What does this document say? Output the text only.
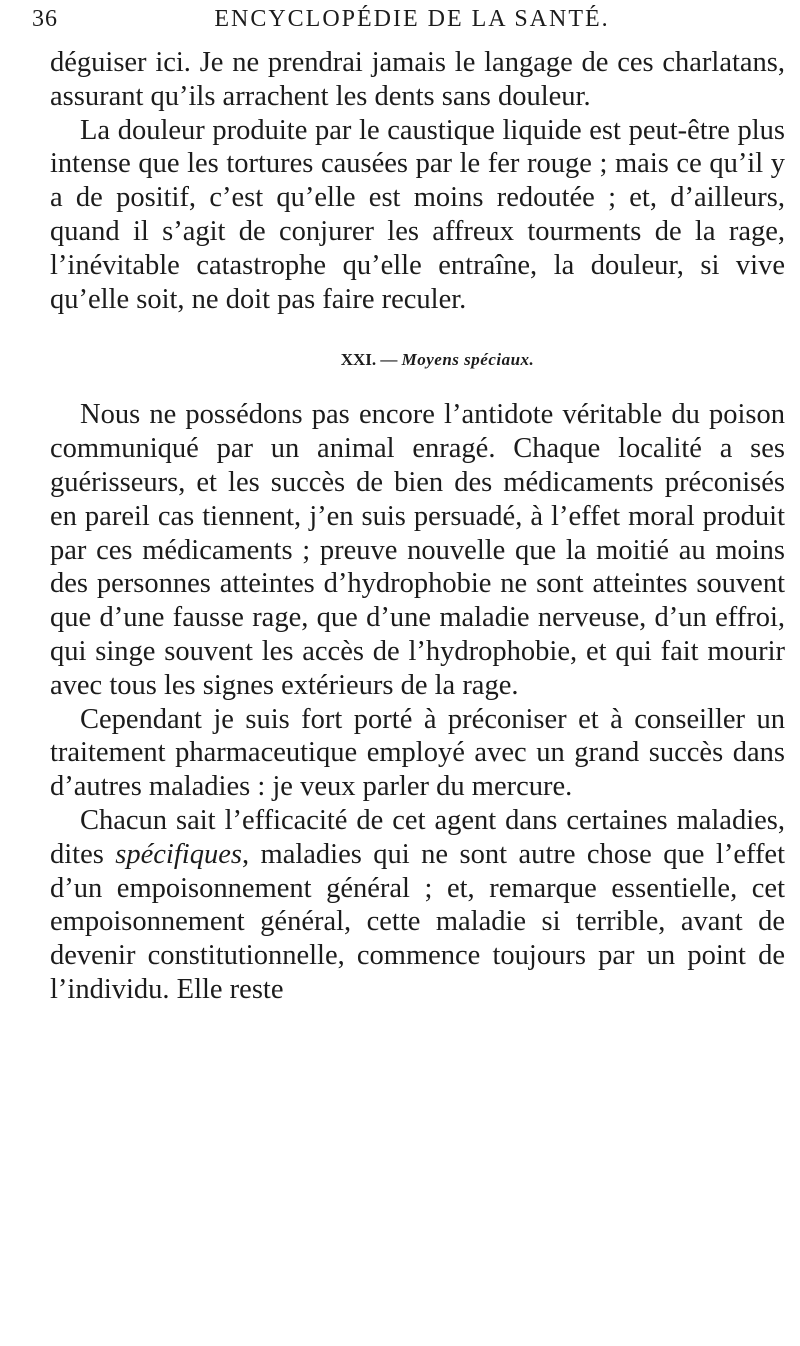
36	ENCYCLOPÉDIE DE LA SANTÉ.

déguiser ici. Je ne prendrai jamais le langage de ces charlatans, assurant qu’ils arrachent les dents sans douleur.

La douleur produite par le caustique liquide est peut-être plus intense que les tortures causées par le fer rouge ; mais ce qu’il y a de positif, c’est qu’elle est moins redoutée ; et, d’ailleurs, quand il s’agit de conjurer les affreux tourments de la rage, l’inévitable catastrophe qu’elle entraîne, la douleur, si vive qu’elle soit, ne doit pas faire reculer.

XXI. — Moyens spéciaux.

Nous ne possédons pas encore l’antidote véritable du poison communiqué par un animal enragé. Chaque localité a ses guérisseurs, et les succès de bien des médicaments préconisés en pareil cas tiennent, j’en suis persuadé, à l’effet moral produit par ces médicaments ; preuve nouvelle que la moitié au moins des personnes atteintes d’hydrophobie ne sont atteintes souvent que d’une fausse rage, que d’une maladie nerveuse, d’un effroi, qui singe souvent les accès de l’hydrophobie, et qui fait mourir avec tous les signes extérieurs de la rage.

Cependant je suis fort porté à préconiser et à conseiller un traitement pharmaceutique employé avec un grand succès dans d’autres maladies : je veux parler du mercure.

Chacun sait l’efficacité de cet agent dans certaines maladies, dites spécifiques, maladies qui ne sont autre chose que l’effet d’un empoisonnement général ; et, remarque essentielle, cet empoisonnement général, cette maladie si terrible, avant de devenir constitutionnelle, commence toujours par un point de l’individu. Elle reste
